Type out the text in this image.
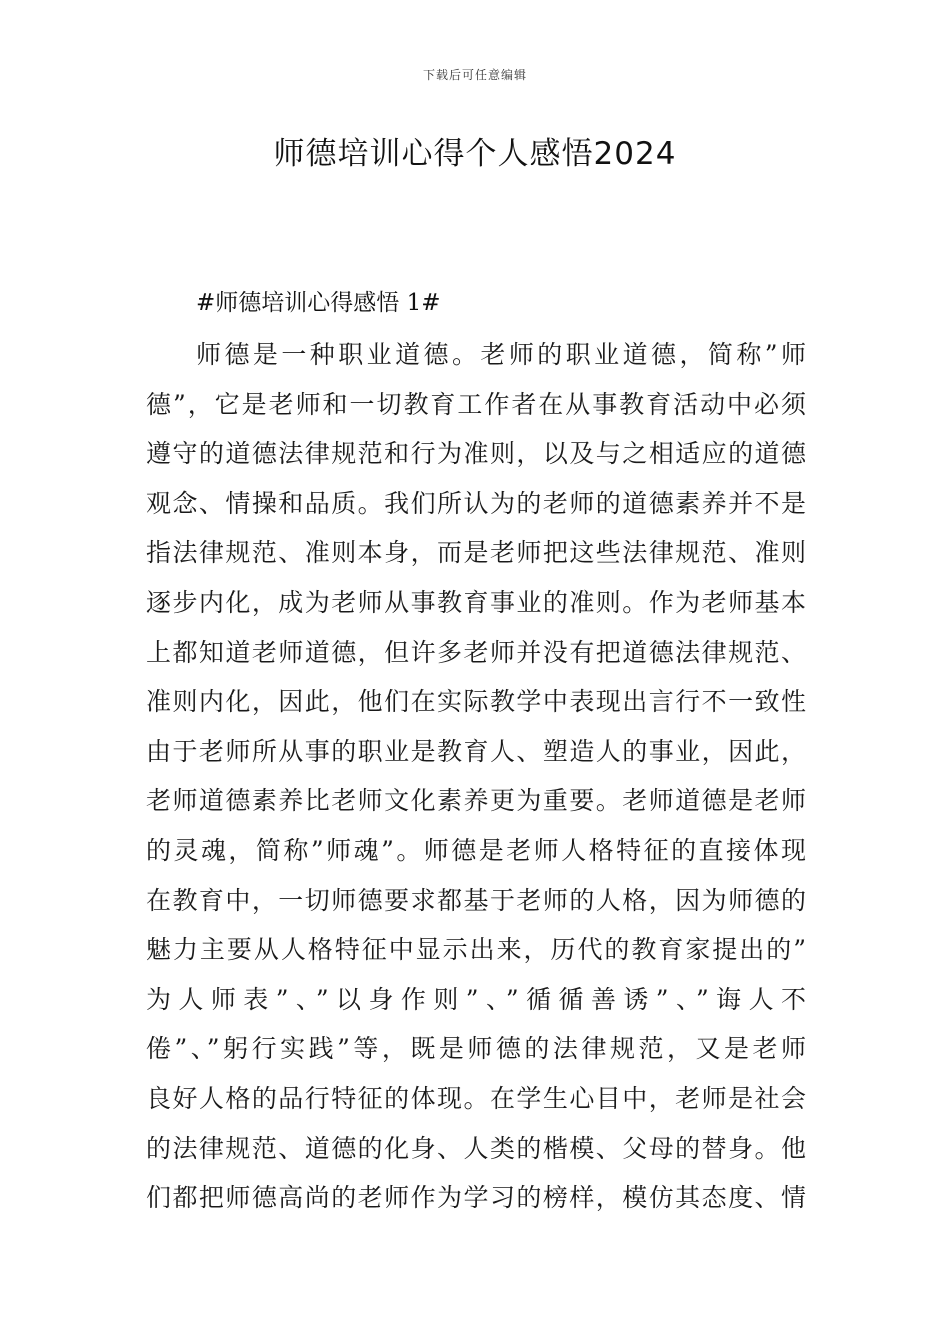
下载后可任意编辑
师德培训心得个人感悟2024
#师德培训心得感悟 1#
师德是一种职业道德。老师的职业道德，简称”师
德”，它是老师和一切教育工作者在从事教育活动中必须
遵守的道德法律规范和行为准则，以及与之相适应的道德
观念、情操和品质。我们所认为的老师的道德素养并不是
指法律规范、准则本身，而是老师把这些法律规范、准则
逐步内化，成为老师从事教育事业的准则。作为老师基本
上都知道老师道德，但许多老师并没有把道德法律规范、
准则内化，因此，他们在实际教学中表现出言行不一致性
由于老师所从事的职业是教育人、塑造人的事业，因此，
老师道德素养比老师文化素养更为重要。老师道德是老师
的灵魂，简称”师魂”。师德是老师人格特征的直接体现
在教育中，一切师德要求都基于老师的人格，因为师德的
魅力主要从人格特征中显示出来，历代的教育家提出的”
为人师表”、”以身作则”、”循循善诱”、”诲人不
倦”、”躬行实践”等，既是师德的法律规范，又是老师
良好人格的品行特征的体现。在学生心目中，老师是社会
的法律规范、道德的化身、人类的楷模、父母的替身。他
们都把师德高尚的老师作为学习的榜样，模仿其态度、情
